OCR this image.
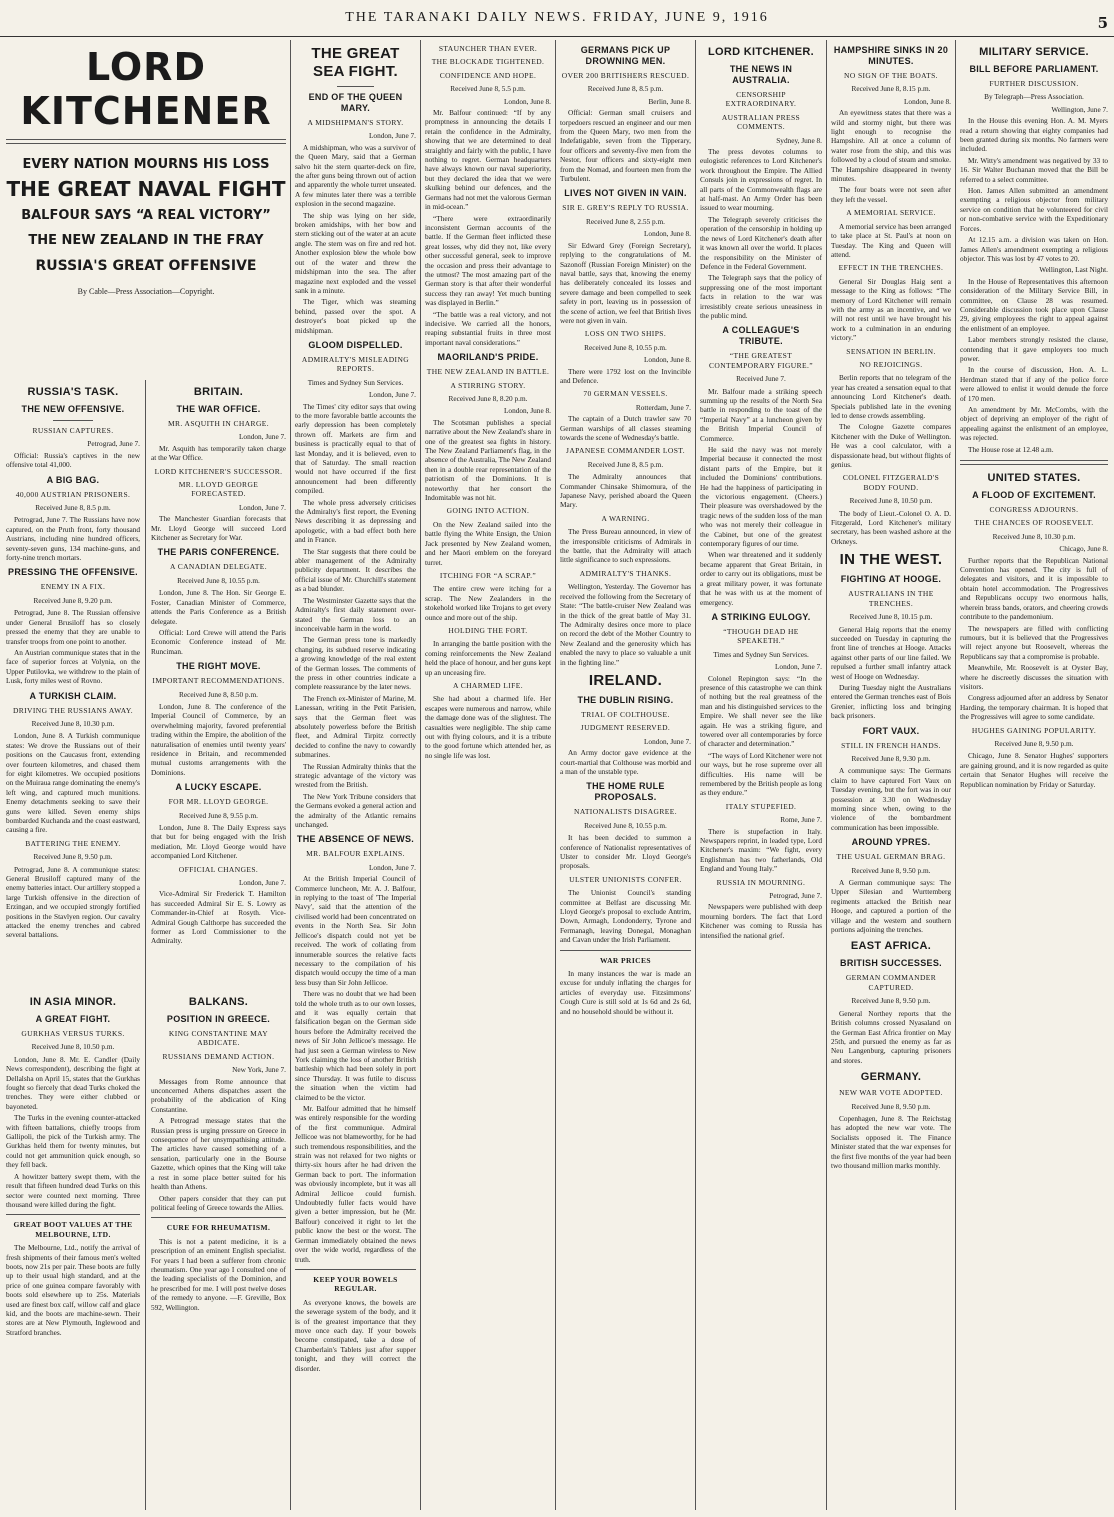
THE TARANAKI DAILY NEWS. FRIDAY, JUNE 9, 1916	5
LORD KITCHENER
EVERY NATION MOURNS HIS LOSS
THE GREAT NAVAL FIGHT
BALFOUR SAYS “A REAL VICTORY”
THE NEW ZEALAND IN THE FRAY
RUSSIA'S GREAT OFFENSIVE
By Cable—Press Association—Copyright.
RUSSIA'S TASK.
THE NEW OFFENSIVE.
RUSSIAN CAPTURES.
Petrograd, June 7.

Official: Russia's captives in the new offensive total 41,000.

A BIG BAG.
40,000 AUSTRIAN PRISONERS.
Received June 8, 8.5 p.m.

Petrograd, June 7. The Russians have now captured, on the Pruth front, forty thousand Austrians, including nine hundred officers, seventy-seven guns, 134 machine-guns, and forty-nine trench mortars.

PRESSING THE OFFENSIVE.
ENEMY IN A FIX.
Received June 8, 9.20 p.m.

Petrograd, June 8. The Russian offensive under General Brusiloff has so closely pressed the enemy that they are unable to transfer troops from one point to another.

An Austrian communique states that in the face of superior forces at Volynia, on the Upper Putilovka, we withdrew to the plain of Lusk, forty miles west of Rovno.

A TURKISH CLAIM.
DRIVING THE RUSSIANS AWAY.
Received June 8, 10.30 p.m.

London, June 8. A Turkish communique states: We drove the Russians out of their positions on the Caucasus front, extending over fourteen kilometres, and chased them for eight kilometres. We occupied positions on the Muiraua range dominating the enemy's left wing, and captured much munitions. Enemy detachments seeking to save their guns were killed. Seven enemy ships bombarded Kuchanda and the coast eastward, causing a fire.

BATTERING THE ENEMY.
Received June 8, 9.50 p.m.

Petrograd, June 8. A communique states: General Brusiloff captured many of the enemy batteries intact. Our artillery stopped a large Turkish offensive in the direction of Erzingan, and we occupied strongly fortified positions in the Stavlyen region. Our cavalry attacked the enemy trenches and cabred several battalions.

IN ASIA MINOR.
A GREAT FIGHT.
GURKHAS VERSUS TURKS.
Received June 8, 10.50 p.m.

London, June 8. Mr. E. Candler (Daily News correspondent), describing the fight at Dellalsha on April 15, states that the Gurkhas fought so fiercely that dead Turks choked the trenches. They were either clubbed or bayoneted.

The Turks in the evening counter-attacked with fifteen battalions, chiefly troops from Gallipoli, the pick of the Turkish army. The Gurkhas held them for twenty minutes, but could not get ammunition quick enough, so they fell back.

A howitzer battery swept them, with the result that fifteen hundred dead Turks on this sector were counted next morning. Three thousand were killed during the fight.

GREAT BOOT VALUES AT THE MELBOURNE, LTD.

The Melbourne, Ltd., notify the arrival of fresh shipments of their famous men's welted boots, now 21s per pair. These boots are fully up to their usual high standard, and at the price of one guinea compare favorably with boots sold elsewhere up to 25s. Materials used are finest box calf, willow calf and glace kid, and the boots are machine-sewn. Their stores are at New Plymouth, Inglewood and Stratford branches.

BRITAIN.
THE WAR OFFICE.
MR. ASQUITH IN CHARGE.
London, June 7.

Mr. Asquith has temporarily taken charge at the War Office.

LORD KITCHENER'S SUCCESSOR.
MR. LLOYD GEORGE FORECASTED.
London, June 7.

The Manchester Guardian forecasts that Mr. Lloyd George will succeed Lord Kitchener as Secretary for War.

THE PARIS CONFERENCE.
A CANADIAN DELEGATE.
Received June 8, 10.55 p.m.

London, June 8. The Hon. Sir George E. Foster, Canadian Minister of Commerce, attends the Paris Conference as a British delegate.

Official: Lord Crewe will attend the Paris Economic Conference instead of Mr. Runciman.

THE RIGHT MOVE.
IMPORTANT RECOMMENDATIONS.
Received June 8, 8.50 p.m.

London, June 8. The conference of the Imperial Council of Commerce, by an overwhelming majority, favored preferential trading within the Empire, the abolition of the naturalisation of enemies until twenty years' residence in Britain, and recommended mutual customs arrangements with the Dominions.

A LUCKY ESCAPE.
FOR MR. LLOYD GEORGE.
Received June 8, 9.55 p.m.

London, June 8. The Daily Express says that but for being engaged with the Irish mediation, Mr. Lloyd George would have accompanied Lord Kitchener.

OFFICIAL CHANGES.
London, June 7.

Vice-Admiral Sir Frederick T. Hamilton has succeeded Admiral Sir E. S. Lowry as Commander-in-Chief at Rosyth. Vice-Admiral Gough Calthorpe has succeeded the former as Lord Commissioner to the Admiralty.

BALKANS.
POSITION IN GREECE.
KING CONSTANTINE MAY ABDICATE.
RUSSIANS DEMAND ACTION.
New York, June 7.

Messages from Rome announce that unconcerned Athens dispatches assert the probability of the abdication of King Constantine.

A Petrograd message states that the Russian press is urging pressure on Greece in consequence of her unsympathising attitude. The articles have caused something of a sensation, particularly one in the Bourse Gazette, which opines that the King will take a rest in some place better suited for his health than Athens.

Other papers consider that they can put political feeling of Greece towards the Allies.

CURE FOR RHEUMATISM.

This is not a patent medicine, it is a prescription of an eminent English specialist. For years I had been a sufferer from chronic rheumatism. One year ago I consulted one of the leading specialists of the Dominion, and he prescribed for me. I will post twelve doses of the remedy to anyone. —F. Greville, Box 592, Wellington.

THE GREAT SEA FIGHT.
END OF THE QUEEN MARY.
A MIDSHIPMAN'S STORY.
London, June 7.

A midshipman, who was a survivor of the Queen Mary, said that a German salvo hit the stern quarter-deck on fire, the after guns being thrown out of action and apparently the whole turret unseated. A few minutes later there was a terrible explosion in the second magazine.

The ship was lying on her side, broken amidships, with her bow and stern sticking out of the water at an acute angle. The stern was on fire and red hot. Another explosion blew the whole bow out of the water and threw the midshipman into the sea. The after magazine next exploded and the vessel sank in a minute.

The Tiger, which was steaming behind, passed over the spot. A destroyer's boat picked up the midshipman.

GLOOM DISPELLED.
ADMIRALTY'S MISLEADING REPORTS.
Times and Sydney Sun Services.
London, June 7.

The Times' city editor says that owing to the more favorable battle accounts the early depression has been completely thrown off. Markets are firm and business is practically equal to that of last Monday, and it is believed, even to that of Saturday. The small reaction would not have occurred if the first announcement had been differently compiled.

The whole press adversely criticises the Admiralty's first report, the Evening News describing it as depressing and apologetic, with a bad effect both here and in France.

The Star suggests that there could be abler management of the Admiralty publicity department. It describes the official issue of Mr. Churchill's statement as a bad blunder.

The Westminster Gazette says that the Admiralty's first daily statement over-stated the German loss to an inconceivable harm in the world.

The German press tone is markedly changing, its subdued reserve indicating a growing knowledge of the real extent of the German losses. The comments of the press in other countries indicate a complete reassurance by the later news.

The French ex-Minister of Marine, M. Lanessan, writing in the Petit Parisien, says that the German fleet was absolutely powerless before the British fleet, and Admiral Tirpitz correctly decided to confine the navy to cowardly submarines.

The Russian Admiralty thinks that the strategic advantage of the victory was wrested from the British.

The New York Tribune considers that the Germans evoked a general action and the admiralty of the Atlantic remains unchanged.

THE ABSENCE OF NEWS.
MR. BALFOUR EXPLAINS.
London, June 7.

At the British Imperial Council of Commerce luncheon, Mr. A. J. Balfour, in replying to the toast of 'The Imperial Navy', said that the attention of the civilised world had been concentrated on events in the North Sea. Sir John Jellicoe's dispatch could not yet be received. The work of collating from innumerable sources the relative facts necessary to the compilation of his dispatch would occupy the time of a man less busy than Sir John Jellicoe.

There was no doubt that we had been told the whole truth as to our own losses, and it was equally certain that falsification began on the German side hours before the Admiralty received the news of Sir John Jellicoe's message. He had just seen a German wireless to New York claiming the loss of another British battleship which had been solely in port since Thursday. It was futile to discuss the situation when the victim had claimed to be the victor.

Mr. Balfour admitted that he himself was entirely responsible for the wording of the first communique. Admiral Jellicoe was not blameworthy, for he had such tremendous responsibilities, and the strain was not relaxed for two nights or thirty-six hours after he had driven the German back to port. The information was obviously incomplete, but it was all Admiral Jellicoe could furnish. Undoubtedly fuller facts would have given a better impression, but he (Mr. Balfour) conceived it right to let the public know the best or the worst. The German immediately obtained the news over the wide world, regardless of the truth.

KEEP YOUR BOWELS REGULAR.

As everyone knows, the bowels are the sewerage system of the body, and it is of the greatest importance that they move once each day. If your bowels become constipated, take a dose of Chamberlain's Tablets just after supper tonight, and they will correct the disorder.

STAUNCHER THAN EVER.
THE BLOCKADE TIGHTENED.
CONFIDENCE AND HOPE.
Received June 8, 5.5 p.m.
London, June 8.

Mr. Balfour continued: “If by any promptness in announcing the details I retain the confidence in the Admiralty, showing that we are determined to deal straightly and fairly with the public, I have nothing to regret. German headquarters have always known our naval superiority, but they declared the idea that we were skulking behind our defences, and the Germans had not met the valorous German in mid-ocean.”

“There were extraordinarily inconsistent German accounts of the battle. If the German fleet inflicted these great losses, why did they not, like every other successful general, seek to improve the occasion and press their advantage to the utmost? The most amazing part of the German story is that after their wonderful success they ran away! Yet much bunting was displayed in Berlin.”

“The battle was a real victory, and not indecisive. We carried all the honors, reaping substantial fruits in three most important naval considerations.”

MAORILAND'S PRIDE.
THE NEW ZEALAND IN BATTLE.
A STIRRING STORY.
Received June 8, 8.20 p.m.
London, June 8.

The Scotsman publishes a special narrative about the New Zealand's share in one of the greatest sea fights in history. The New Zealand Parliament's flag, in the absence of the Australia, The New Zealand then in a double rear representation of the patriotism of the Dominions. It is noteworthy that her consort the Indomitable was not hit.

GOING INTO ACTION.

On the New Zealand sailed into the battle flying the White Ensign, the Union Jack presented by New Zealand women, and her Maori emblem on the foreyard turret.

ITCHING FOR “A SCRAP.”

The entire crew were itching for a scrap. The New Zealanders in the stokehold worked like Trojans to get every ounce and more out of the ship.

HOLDING THE FORT.

In arranging the battle position with the coming reinforcements the New Zealand held the place of honour, and her guns kept up an unceasing fire.

A CHARMED LIFE.

She had about a charmed life. Her escapes were numerous and narrow, while the damage done was of the slightest. The casualties were negligible. The ship came out with flying colours, and it is a tribute to the good fortune which attended her, as no single life was lost.

GERMANS PICK UP DROWNING MEN.
OVER 200 BRITISHERS RESCUED.
Received June 8, 8.5 p.m.
Berlin, June 8.

Official: German small cruisers and torpedoers rescued an engineer and our men from the Queen Mary, two men from the Indefatigable, seven from the Tipperary, four officers and seventy-five men from the Nestor, four officers and sixty-eight men from the Nomad, and fourteen men from the Turbulent.

LIVES NOT GIVEN IN VAIN.
SIR E. GREY'S REPLY TO RUSSIA.
Received June 8, 2.55 p.m.
London, June 8.

Sir Edward Grey (Foreign Secretary), replying to the congratulations of M. Sazonoff (Russian Foreign Minister) on the naval battle, says that, knowing the enemy has deliberately concealed its losses and severe damage and been compelled to seek safety in port, leaving us in possession of the scene of action, we feel that British lives were not given in vain.

LOSS ON TWO SHIPS.
Received June 8, 10.55 p.m.
London, June 8.

There were 1792 lost on the Invincible and Defence.

70 GERMAN VESSELS.
Rotterdam, June 7.

The captain of a Dutch trawler saw 70 German warships of all classes steaming towards the scene of Wednesday's battle.

JAPANESE COMMANDER LOST.
Received June 8, 8.5 p.m.

The Admiralty announces that Commander Chinsake Shimomura, of the Japanese Navy, perished aboard the Queen Mary.

A WARNING.

The Press Bureau announced, in view of the irresponsible criticisms of Admirals in the battle, that the Admiralty will attach little significance to such expressions.

ADMIRALTY'S THANKS.

Wellington, Yesterday. The Governor has received the following from the Secretary of State: “The battle-cruiser New Zealand was in the thick of the great battle of May 31. The Admiralty desires once more to place on record the debt of the Mother Country to New Zealand and the generosity which has enabled the navy to place so valuable a unit in the fighting line.”

IRELAND.
THE DUBLIN RISING.
TRIAL OF COLTHOUSE.
JUDGMENT RESERVED.
London, June 7.

An Army doctor gave evidence at the court-martial that Colthouse was morbid and a man of the unstable type.

THE HOME RULE PROPOSALS.
NATIONALISTS DISAGREE.
Received June 8, 10.55 p.m.

It has been decided to summon a conference of Nationalist representatives of Ulster to consider Mr. Lloyd George's proposals.

ULSTER UNIONISTS CONFER.

The Unionist Council's standing committee at Belfast are discussing Mr. Lloyd George's proposal to exclude Antrim, Down, Armagh, Londonderry, Tyrone and Fermanagh, leaving Donegal, Monaghan and Cavan under the Irish Parliament.

WAR PRICES

In many instances the war is made an excuse for unduly inflating the charges for articles of everyday use. Fitzsimmons' Cough Cure is still sold at 1s 6d and 2s 6d, and no household should be without it.

LORD KITCHENER.
THE NEWS IN AUSTRALIA.
CENSORSHIP EXTRAORDINARY.
AUSTRALIAN PRESS COMMENTS.
Sydney, June 8.

The press devotes columns to eulogistic references to Lord Kitchener's work throughout the Empire. The Allied Consuls join in expressions of regret. In all parts of the Commonwealth flags are at half-mast. An Army Order has been issued to wear mourning.

The Telegraph severely criticises the operation of the censorship in holding up the news of Lord Kitchener's death after it was known all over the world. It places the responsibility on the Minister of Defence in the Federal Government.

The Telegraph says that the policy of suppressing one of the most important facts in relation to the war was irresistibly create serious uneasiness in the public mind.

A COLLEAGUE'S TRIBUTE.
“THE GREATEST CONTEMPORARY FIGURE.”
Received June 7.

Mr. Balfour made a striking speech summing up the results of the North Sea battle in responding to the toast of the “Imperial Navy” at a luncheon given by the British Imperial Council of Commerce.

He said the navy was not merely Imperial because it connected the most distant parts of the Empire, but it included the Dominions' contributions. He had the happiness of participating in the victorious engagement. (Cheers.) Their pleasure was overshadowed by the tragic news of the sudden loss of the man who was not merely their colleague in the Cabinet, but one of the greatest contemporary figures of our time.

When war threatened and it suddenly became apparent that Great Britain, in order to carry out its obligations, must be a great military power, it was fortunate that he was with us at the moment of emergency.

A STRIKING EULOGY.
“THOUGH DEAD HE SPEAKETH.”
Times and Sydney Sun Services.
London, June 7.

Colonel Repington says: “In the presence of this catastrophe we can think of nothing but the real greatness of the man and his distinguished services to the Empire. We shall never see the like again. He was a striking figure, and towered over all contemporaries by force of character and determination.”

“The ways of Lord Kitchener were not our ways, but he rose supreme over all difficulties. His name will be remembered by the British people as long as they endure.”

ITALY STUPEFIED.
Rome, June 7.

There is stupefaction in Italy. Newspapers reprint, in leaded type, Lord Kitchener's maxim: “We fight, every Englishman has two fatherlands, Old England and Young Italy.”

RUSSIA IN MOURNING.
Petrograd, June 7.

Newspapers were published with deep mourning borders. The fact that Lord Kitchener was coming to Russia has intensified the national grief.

HAMPSHIRE SINKS IN 20 MINUTES.
NO SIGN OF THE BOATS.
Received June 8, 8.15 p.m.
London, June 8.

An eyewitness states that there was a wild and stormy night, but there was light enough to recognise the Hampshire. All at once a column of water rose from the ship, and this was followed by a cloud of steam and smoke. The Hampshire disappeared in twenty minutes.

The four boats were not seen after they left the vessel.

A MEMORIAL SERVICE.

A memorial service has been arranged to take place at St. Paul's at noon on Tuesday. The King and Queen will attend.

EFFECT IN THE TRENCHES.

General Sir Douglas Haig sent a message to the King as follows: “The memory of Lord Kitchener will remain with the army as an incentive, and we will not rest until we have brought his work to a culmination in an enduring victory.”

SENSATION IN BERLIN.
NO REJOICINGS.

Berlin reports that no telegram of the year has created a sensation equal to that announcing Lord Kitchener's death. Specials published late in the evening led to dense crowds assembling.

The Cologne Gazette compares Kitchener with the Duke of Wellington. He was a cool calculator, with a dispassionate head, but without flights of genius.

COLONEL FITZGERALD'S BODY FOUND.
Received June 8, 10.50 p.m.

The body of Lieut.-Colonel O. A. D. Fitzgerald, Lord Kitchener's military secretary, has been washed ashore at the Orkneys.

IN THE WEST.
FIGHTING AT HOOGE.
AUSTRALIANS IN THE TRENCHES.
Received June 8, 10.15 p.m.

General Haig reports that the enemy succeeded on Tuesday in capturing the front line of trenches at Hooge. Attacks against other parts of our line failed. We repulsed a further small infantry attack west of Hooge on Wednesday.

During Tuesday night the Australians entered the German trenches east of Bois Grenier, inflicting loss and bringing back prisoners.

FORT VAUX.
STILL IN FRENCH HANDS.
Received June 8, 9.30 p.m.

A communique says: The Germans claim to have captured Fort Vaux on Tuesday evening, but the fort was in our possession at 3.30 on Wednesday morning since when, owing to the violence of the bombardment communication has been impossible.

AROUND YPRES.
THE USUAL GERMAN BRAG.
Received June 8, 9.50 p.m.

A German communique says: The Upper Silesian and Wurttemberg regiments attacked the British near Hooge, and captured a portion of the village and the western and southern portions adjoining the trenches.

EAST AFRICA.
BRITISH SUCCESSES.
GERMAN COMMANDER CAPTURED.
Received June 8, 9.50 p.m.

General Northey reports that the British columns crossed Nyasaland on the German East Africa frontier on May 25th, and pursued the enemy as far as Neu Langenburg, capturing prisoners and stores.

GERMANY.
NEW WAR VOTE ADOPTED.
Received June 8, 9.50 p.m.

Copenhagen, June 8. The Reichstag has adopted the new war vote. The Socialists opposed it. The Finance Minister stated that the war expenses for the first five months of the year had been two thousand million marks monthly.

MILITARY SERVICE.
BILL BEFORE PARLIAMENT.
FURTHER DISCUSSION.
By Telegraph—Press Association.
Wellington, June 7.

In the House this evening Hon. A. M. Myers read a return showing that eighty companies had been granted during six months. No farmers were included.

Mr. Witty's amendment was negatived by 33 to 16. Sir Walter Buchanan moved that the Bill be referred to a select committee.

Hon. James Allen submitted an amendment exempting a religious objector from military service on condition that he volunteered for civil or non-combative service with the Expeditionary Forces.

At 12.15 a.m. a division was taken on Hon. James Allen's amendment exempting a religious objector. This was lost by 47 votes to 20.

Wellington, Last Night.

In the House of Representatives this afternoon consideration of the Military Service Bill, in committee, on Clause 28 was resumed. Considerable discussion took place upon Clause 29, giving employees the right to appeal against the enlistment of an employee.

Labor members strongly resisted the clause, contending that it gave employers too much power.

In the course of discussion, Hon. A. L. Herdman stated that if any of the police force were allowed to enlist it would denude the force of 170 men.

An amendment by Mr. McCombs, with the object of depriving an employer of the right of appealing against the enlistment of an employee, was rejected.

The House rose at 12.48 a.m.

UNITED STATES.
A FLOOD OF EXCITEMENT.
CONGRESS ADJOURNS.
THE CHANCES OF ROOSEVELT.
Received June 8, 10.30 p.m.
Chicago, June 8.

Further reports that the Republican National Convention has opened. The city is full of delegates and visitors, and it is impossible to obtain hotel accommodation. The Progressives and Republicans occupy two enormous halls, wherein brass bands, orators, and cheering crowds contribute to the pandemonium.

The newspapers are filled with conflicting rumours, but it is believed that the Progressives will reject anyone but Roosevelt, whereas the Republicans say that a compromise is probable.

Meanwhile, Mr. Roosevelt is at Oyster Bay, where he discreetly discusses the situation with visitors.

Congress adjourned after an address by Senator Harding, the temporary chairman. It is hoped that the Progressives will agree to some candidate.

HUGHES GAINING POPULARITY.
Received June 8, 9.50 p.m.

Chicago, June 8. Senator Hughes' supporters are gaining ground, and it is now regarded as quite certain that Senator Hughes will receive the Republican nomination by Friday or Saturday.
